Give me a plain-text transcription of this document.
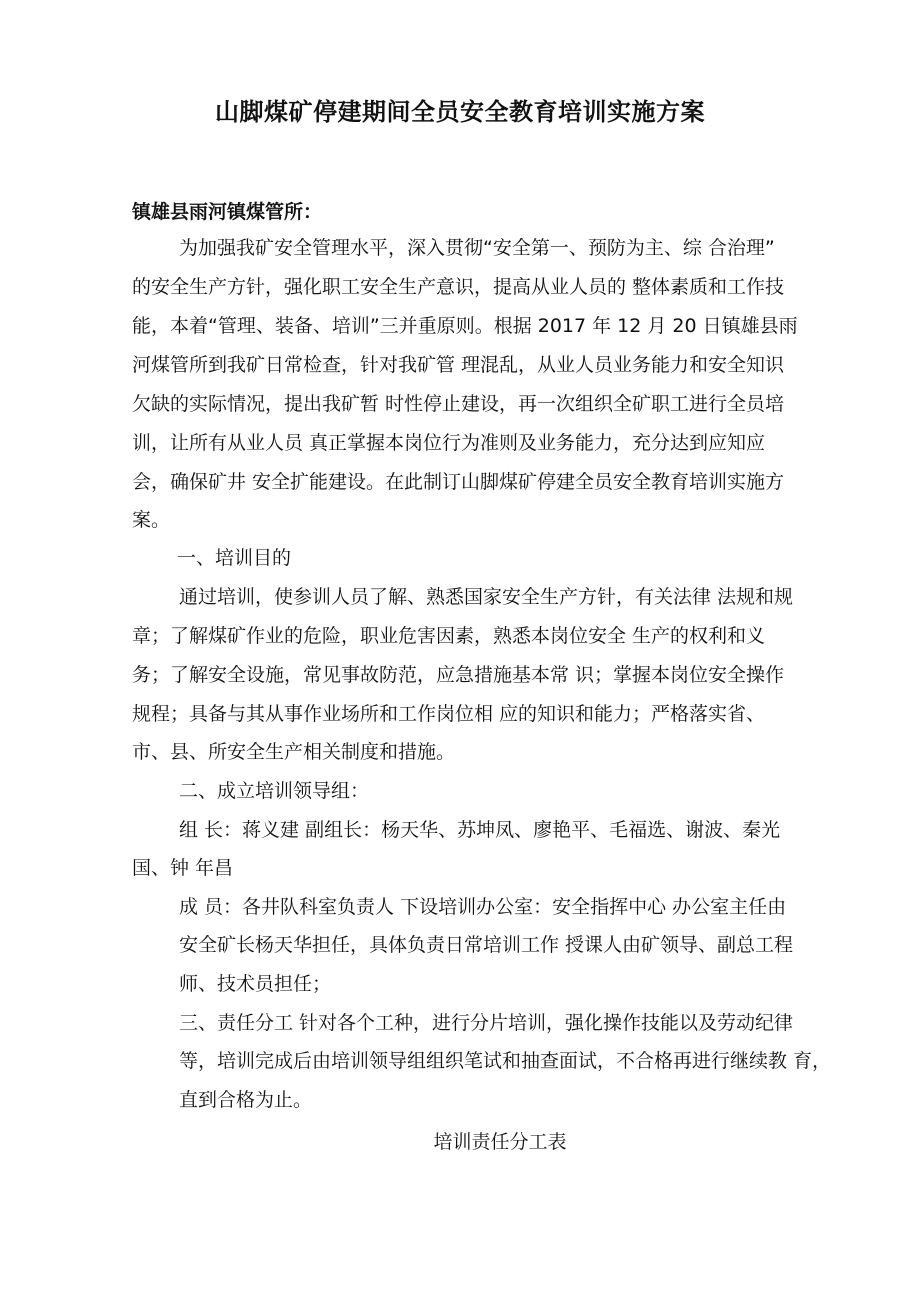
山脚煤矿停建期间全员安全教育培训实施方案
镇雄县雨河镇煤管所：
为加强我矿安全管理水平，深入贯彻“安全第一、预防为主、综 合治理”
的安全生产方针，强化职工安全生产意识，提高从业人员的 整体素质和工作技
能，本着“管理、装备、培训”三并重原则。根据 2017 年 12 月 20 日镇雄县雨
河煤管所到我矿日常检查，针对我矿管 理混乱，从业人员业务能力和安全知识
欠缺的实际情况，提出我矿暂 时性停止建设，再一次组织全矿职工进行全员培
训，让所有从业人员 真正掌握本岗位行为准则及业务能力，充分达到应知应
会，确保矿井 安全扩能建设。在此制订山脚煤矿停建全员安全教育培训实施方
案。
一、培训目的
通过培训，使参训人员了解、熟悉国家安全生产方针，有关法律 法规和规
章；了解煤矿作业的危险，职业危害因素，熟悉本岗位安全 生产的权利和义
务；了解安全设施，常见事故防范，应急措施基本常 识；掌握本岗位安全操作
规程；具备与其从事作业场所和工作岗位相 应的知识和能力；严格落实省、
市、县、所安全生产相关制度和措施。
二、成立培训领导组：
组 长：蒋义建 副组长：杨天华、苏坤凤、廖艳平、毛福选、谢波、秦光
国、钟 年昌
成 员：各井队科室负责人 下设培训办公室：安全指挥中心 办公室主任由
安全矿长杨天华担任，具体负责日常培训工作 授课人由矿领导、副总工程
师、技术员担任；
三、责任分工 针对各个工种，进行分片培训，强化操作技能以及劳动纪律
等，培训完成后由培训领导组组织笔试和抽查面试，不合格再进行继续教 育，
直到合格为止。
培训责任分工表
